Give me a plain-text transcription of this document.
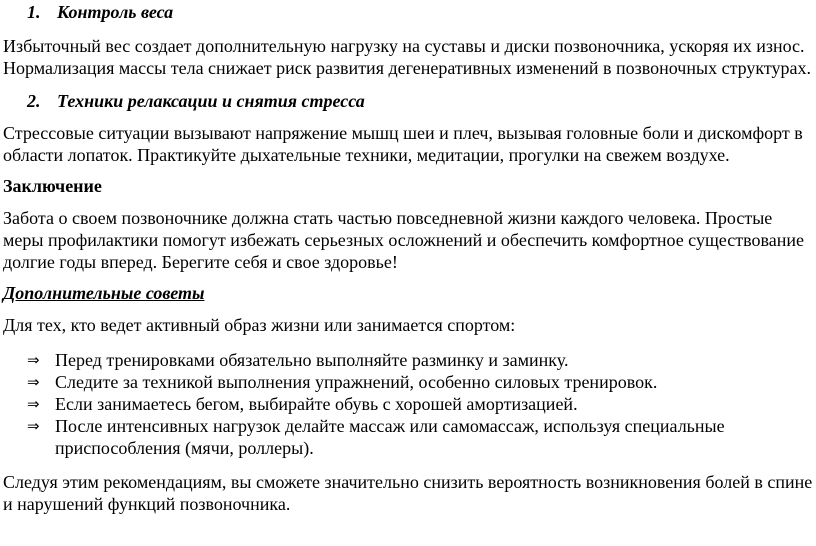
1. Контроль веса

Избыточный вес создает дополнительную нагрузку на суставы и диски позвоночника, ускоряя их износ. Нормализация массы тела снижает риск развития дегенеративных изменений в позвоночных структурах.

2. Техники релаксации и снятия стресса

Стрессовые ситуации вызывают напряжение мышц шеи и плеч, вызывая головные боли и дискомфорт в области лопаток. Практикуйте дыхательные техники, медитации, прогулки на свежем воздухе.

Заключение

Забота о своем позвоночнике должна стать частью повседневной жизни каждого человека. Простые меры профилактики помогут избежать серьезных осложнений и обеспечить комфортное существование долгие годы вперед. Берегите себя и свое здоровье!

Дополнительные советы

Для тех, кто ведет активный образ жизни или занимается спортом:

⇒ Перед тренировками обязательно выполняйте разминку и заминку.
⇒ Следите за техникой выполнения упражнений, особенно силовых тренировок.
⇒ Если занимаетесь бегом, выбирайте обувь с хорошей амортизацией.
⇒ После интенсивных нагрузок делайте массаж или самомассаж, используя специальные приспособления (мячи, роллеры).

Следуя этим рекомендациям, вы сможете значительно снизить вероятность возникновения болей в спине и нарушений функций позвоночника.
